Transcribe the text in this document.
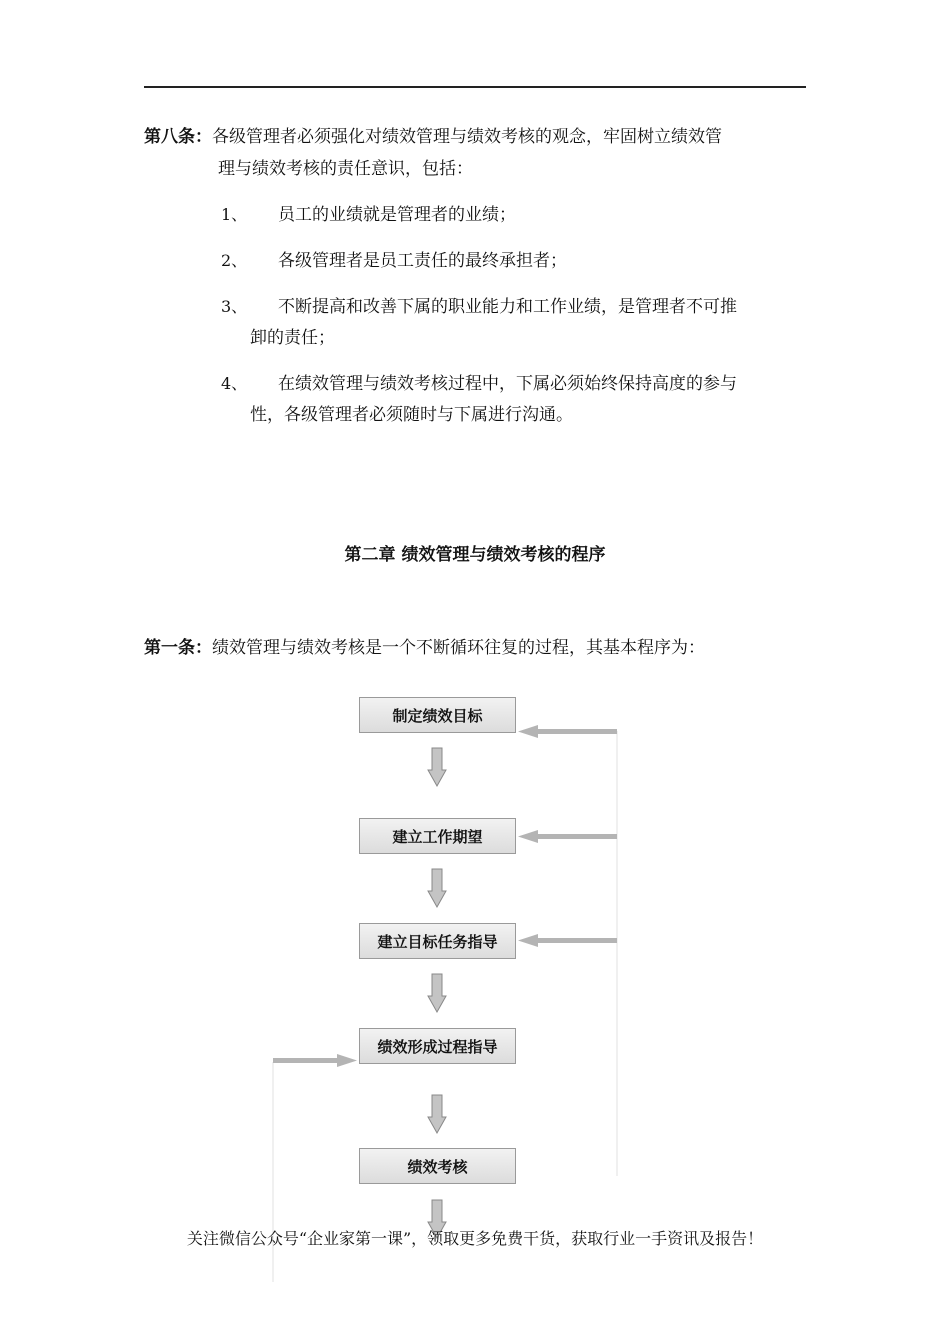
第八条：各级管理者必须强化对绩效管理与绩效考核的观念，牢固树立绩效管
理与绩效考核的责任意识，包括：
1、 员工的业绩就是管理者的业绩；
2、 各级管理者是员工责任的最终承担者；
3、 不断提高和改善下属的职业能力和工作业绩，是管理者不可推
卸的责任；
4、 在绩效管理与绩效考核过程中，下属必须始终保持高度的参与
性，各级管理者必须随时与下属进行沟通。
第二章 绩效管理与绩效考核的程序
第一条：绩效管理与绩效考核是一个不断循环往复的过程，其基本程序为：
制定绩效目标
建立工作期望
建立目标任务指导
绩效形成过程指导
绩效考核
关注微信公众号“企业家第一课”，领取更多免费干货，获取行业一手资讯及报告！
